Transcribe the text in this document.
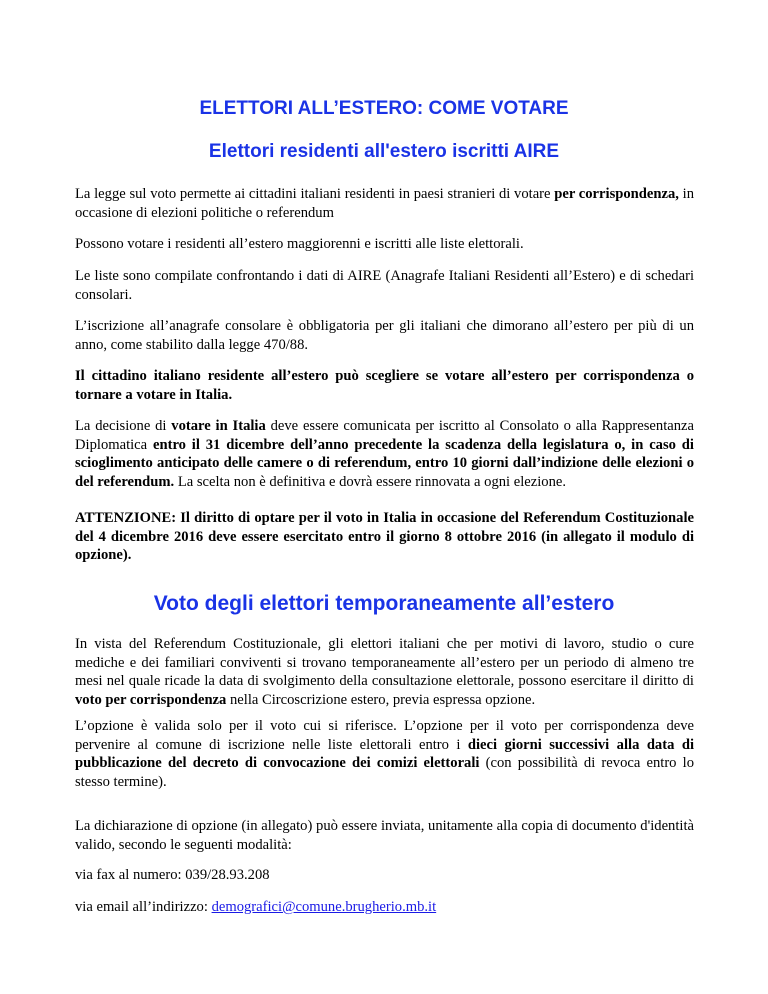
ELETTORI ALL’ESTERO: COME VOTARE
Elettori residenti all'estero iscritti AIRE

La legge sul voto permette ai cittadini italiani residenti in paesi stranieri di votare per corrispondenza, in occasione di elezioni politiche o referendum

Possono votare i residenti all’estero maggiorenni e iscritti alle liste elettorali.

Le liste sono compilate confrontando i dati di AIRE (Anagrafe Italiani Residenti all’Estero) e di schedari consolari.

L’iscrizione all’anagrafe consolare è obbligatoria per gli italiani che dimorano all’estero per più di un anno, come stabilito dalla legge 470/88.

Il cittadino italiano residente all’estero può scegliere se votare all’estero per corrispondenza o tornare a votare in Italia.

La decisione di votare in Italia deve essere comunicata per iscritto al Consolato o alla Rappresentanza Diplomatica entro il 31 dicembre dell’anno precedente la scadenza della legislatura o, in caso di scioglimento anticipato delle camere o di referendum, entro 10 giorni dall’indizione delle elezioni o del referendum. La scelta non è definitiva e dovrà essere rinnovata a ogni elezione.

ATTENZIONE: Il diritto di optare per il voto in Italia in occasione del Referendum Costituzionale del 4 dicembre 2016 deve essere esercitato entro il giorno 8 ottobre 2016 (in allegato il modulo di opzione).

Voto degli elettori temporaneamente all’estero

In vista del Referendum Costituzionale, gli elettori italiani che per motivi di lavoro, studio o cure mediche e dei familiari conviventi si trovano temporaneamente all’estero per un periodo di almeno tre mesi nel quale ricade la data di svolgimento della consultazione elettorale, possono esercitare il diritto di voto per corrispondenza nella Circoscrizione estero, previa espressa opzione.

L’opzione è valida solo per il voto cui si riferisce. L’opzione per il voto per corrispondenza deve pervenire al comune di iscrizione nelle liste elettorali entro i dieci giorni successivi alla data di pubblicazione del decreto di convocazione dei comizi elettorali (con possibilità di revoca entro lo stesso termine).

La dichiarazione di opzione (in allegato) può essere inviata, unitamente alla copia di documento d'identità valido, secondo le seguenti modalità:

via fax al numero: 039/28.93.208

via email all’indirizzo: demografici@comune.brugherio.mb.it
